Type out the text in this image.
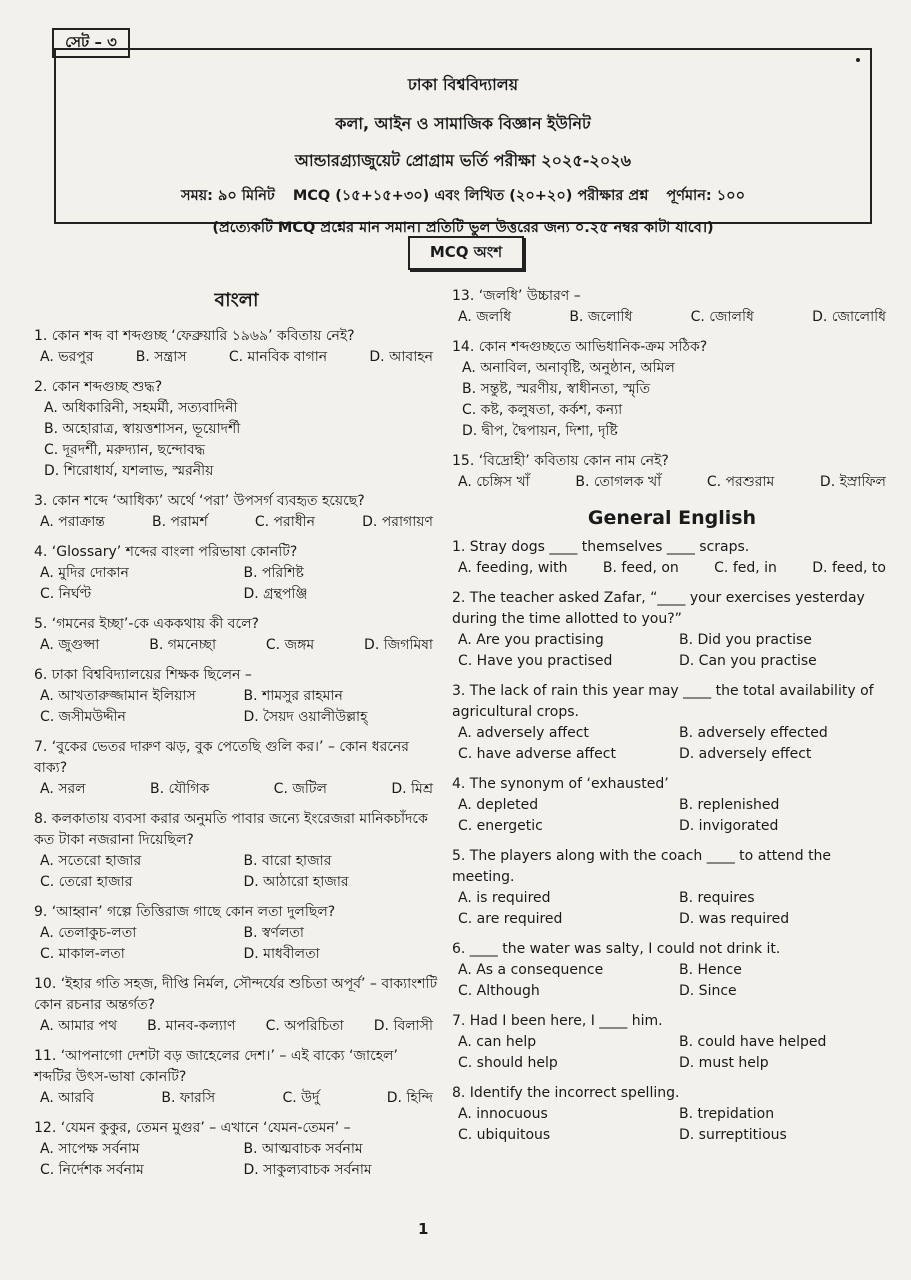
সেট – ৩
ঢাকা বিশ্ববিদ্যালয়
কলা, আইন ও সামাজিক বিজ্ঞান ইউনিট
আন্ডারগ্র্যাজুয়েট প্রোগ্রাম ভর্তি পরীক্ষা ২০২৫-২০২৬
সময়: ৯০ মিনিট MCQ (১৫+১৫+৩০) এবং লিখিত (২০+২০) পরীক্ষার প্রশ্ন পূর্ণমান: ১০০
(প্রত্যেকটি MCQ প্রশ্নের মান সমান। প্রতিটি ভুল উত্তরের জন্য ০.২৫ নম্বর কাটা যাবে।)
MCQ অংশ
বাংলা
1. কোন শব্দ বা শব্দগুচ্ছ ‘ফেব্রুয়ারি ১৯৬৯’ কবিতায় নেই?
A. ভরপুর	B. সন্ত্রাস	C. মানবিক বাগান	D. আবাহন
2. কোন শব্দগুচ্ছ শুদ্ধ?
A. অধিকারিনী, সহমর্মী, সত্যবাদিনী
B. অহোরাত্র, স্বায়ত্তশাসন, ভূয়োদর্শী
C. দূরদর্শী, মরুদ্যান, ছন্দোবদ্ধ
D. শিরোধার্য, যশলাভ, স্মরনীয়
3. কোন শব্দে ‘আধিক্য’ অর্থে ‘পরা’ উপসর্গ ব্যবহৃত হয়েছে?
A. পরাক্রান্ত	B. পরামর্শ	C. পরাধীন	D. পরাগায়ণ
4. ‘Glossary’ শব্দের বাংলা পরিভাষা কোনটি?
A. মুদির দোকান	B. পরিশিষ্ট
C. নির্ঘণ্ট	D. গ্রন্থপঞ্জি
5. ‘গমনের ইচ্ছা’-কে এককথায় কী বলে?
A. জুগুপ্সা	B. গমনেচ্ছা	C. জঙ্গম	D. জিগমিষা
6. ঢাকা বিশ্ববিদ্যালয়ের শিক্ষক ছিলেন –
A. আখতারুজ্জামান ইলিয়াস	B. শামসুর রাহমান
C. জসীমউদ্দীন	D. সৈয়দ ওয়ালীউল্লাহ্
7. ‘বুকের ভেতর দারুণ ঝড়, বুক পেতেছি গুলি কর।’ – কোন ধরনের বাক্য?
A. সরল	B. যৌগিক	C. জটিল	D. মিশ্র
8. কলকাতায় ব্যবসা করার অনুমতি পাবার জন্যে ইংরেজরা মানিকচাঁদকে কত টাকা নজরানা দিয়েছিল?
A. সতেরো হাজার	B. বারো হাজার
C. তেরো হাজার	D. আঠারো হাজার
9. ‘আহ্বান’ গল্পে তিত্তিরাজ গাছে কোন লতা দুলছিল?
A. তেলাকুচ-লতা	B. স্বর্ণলতা
C. মাকাল-লতা	D. মাধবীলতা
10. ‘ইহার গতি সহজ, দীপ্তি নির্মল, সৌন্দর্যের শুচিতা অপূর্ব’ – বাক্যাংশটি কোন রচনার অন্তর্গত?
A. আমার পথ B. মানব-কল্যাণ C. অপরিচিতা D. বিলাসী
11. ‘আপনাগো দেশটা বড় জাহেলের দেশ।’ – এই বাক্যে ‘জাহেল’ শব্দটির উৎস-ভাষা কোনটি?
A. আরবি	B. ফারসি	C. উর্দু	D. হিন্দি
12. ‘যেমন কুকুর, তেমন মুগুর’ – এখানে ‘যেমন-তেমন’ –
A. সাপেক্ষ সর্বনাম	B. আত্মবাচক সর্বনাম
C. নির্দেশক সর্বনাম	D. সাকুল্যবাচক সর্বনাম
13. ‘জলধি’ উচ্চারণ –
A. জলধি	B. জলোধি	C. জোলধি	D. জোলোধি
14. কোন শব্দগুচ্ছতে আভিধানিক-ক্রম সঠিক?
A. অনাবিল, অনাবৃষ্টি, অনুষ্ঠান, অমিল
B. সন্তুষ্ট, স্মরণীয়, স্বাধীনতা, স্মৃতি
C. কষ্ট, কলুষতা, কর্কশ, কন্যা
D. দ্বীপ, দ্বৈপায়ন, দিশা, দৃষ্টি
15. ‘বিদ্রোহী’ কবিতায় কোন নাম নেই?
A. চেঙ্গিস খাঁ	B. তোগলক খাঁ	C. পরশুরাম	D. ইস্রাফিল
General English
1. Stray dogs ____ themselves ____ scraps.
A. feeding, with	B. feed, on	C. fed, in	D. feed, to
2. The teacher asked Zafar, “____ your exercises yesterday during the time allotted to you?”
A. Are you practising	B. Did you practise
C. Have you practised	D. Can you practise
3. The lack of rain this year may ____ the total availability of agricultural crops.
A. adversely affect	B. adversely effected
C. have adverse affect	D. adversely effect
4. The synonym of ‘exhausted’
A. depleted	B. replenished
C. energetic	D. invigorated
5. The players along with the coach ____ to attend the meeting.
A. is required	B. requires
C. are required	D. was required
6. ____ the water was salty, I could not drink it.
A. As a consequence	B. Hence
C. Although	D. Since
7. Had I been here, I ____ him.
A. can help	B. could have helped
C. should help	D. must help
8. Identify the incorrect spelling.
A. innocuous	B. trepidation
C. ubiquitous	D. surreptitious
1
